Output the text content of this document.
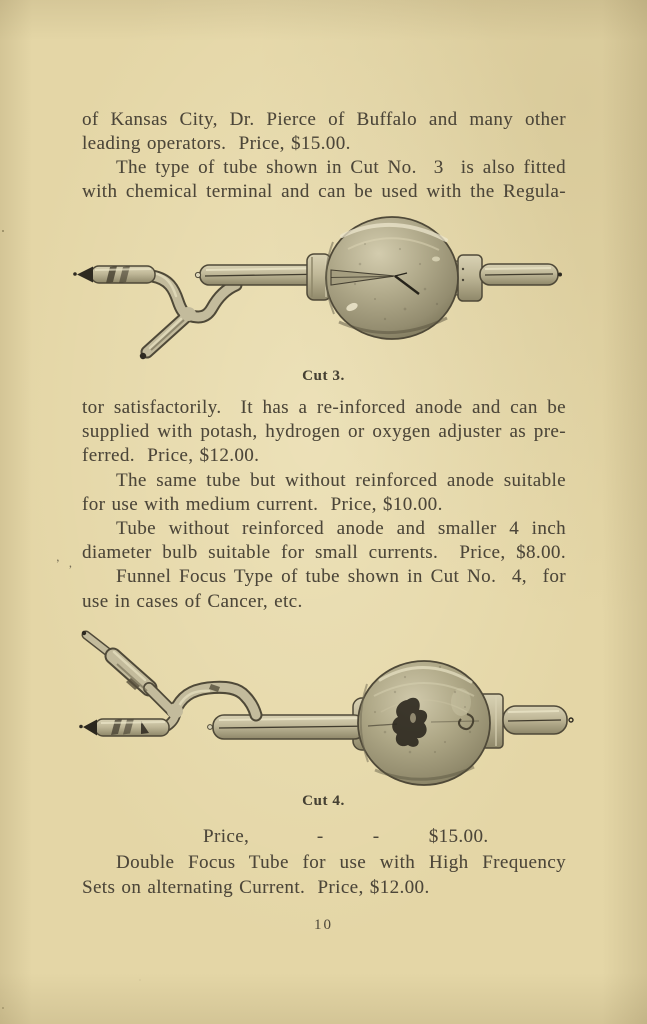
of Kansas City, Dr. Pierce of Buffalo and many other
leading operators.  Price, $15.00.
The type of tube shown in Cut No.  3  is also fitted
with chemical terminal and can be used with the Regula-
Cut 3.
tor satisfactorily.  It has a re-inforced anode and can be
supplied with potash, hydrogen or oxygen adjuster as pre-
ferred.  Price, $12.00.
The same tube but without reinforced anode suitable
for use with medium current.  Price, $10.00.
Tube without reinforced anode and smaller 4 inch
diameter bulb suitable for small currents.  Price, $8.00.
Funnel Focus Type of tube shown in Cut No.  4,  for
use in cases of Cancer, etc.
’ ‚
Cut 4.
Price,           -        -        $15.00.
Double Focus Tube for use with High Frequency
Sets on alternating Current.  Price, $12.00.
10
